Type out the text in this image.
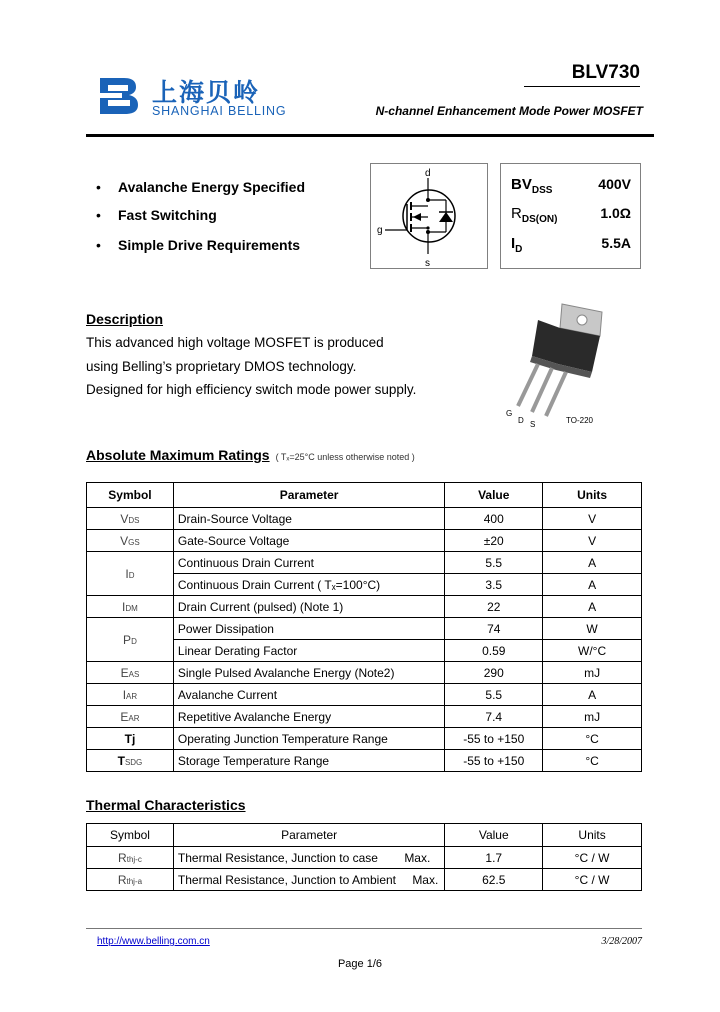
上海贝岭
SHANGHAI BELLING
BLV730
N-channel Enhancement Mode Power MOSFET
• Avalanche Energy Specified
• Fast Switching
• Simple Drive Requirements
d
g
s
$BV_{DSS}$	400V
$R_{DS(ON)}$	1.0Ω
$I_D$	5.5A
Description
This advanced high voltage MOSFET is produced
using Belling’s proprietary DMOS technology.
Designed for high efficiency switch mode power supply.
G
D S	TO-220
Absolute Maximum Ratings ( Tₓ=25°C unless otherwise noted )
Symbol	Parameter	Value	Units
VDS	Drain-Source Voltage	400	V
VGS	Gate-Source Voltage	±20	V
ID	Continuous Drain Current	5.5	A
	Continuous Drain Current ( Tₓ=100°C)	3.5	A
IDM	Drain Current (pulsed) (Note 1)	22	A
PD	Power Dissipation	74	W
	Linear Derating Factor	0.59	W/°C
EAS	Single Pulsed Avalanche Energy (Note2)	290	mJ
IAR	Avalanche Current	5.5	A
EAR	Repetitive Avalanche Energy	7.4	mJ
Tj	Operating Junction Temperature Range	-55 to +150	°C
TSDG	Storage Temperature Range	-55 to +150	°C
Thermal Characteristics
Symbol	Parameter	Value	Units
Rthj-c	Thermal Resistance, Junction to case Max.	1.7	°C / W
Rthj-a	Thermal Resistance, Junction to Ambient Max.	62.5	°C / W
http://www.belling.com.cn	3/28/2007
Page 1/6
